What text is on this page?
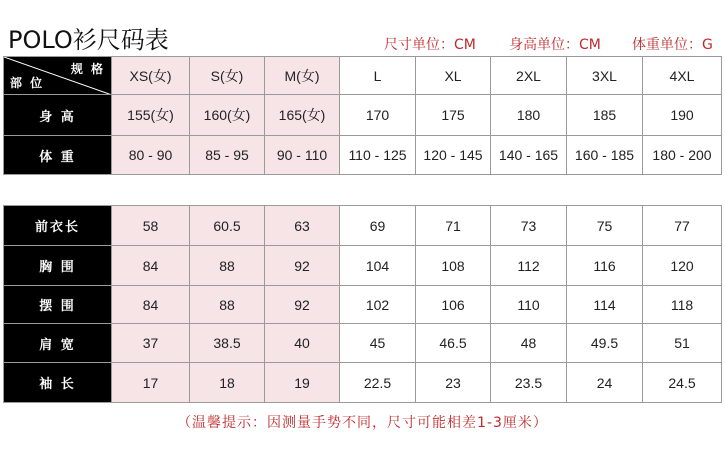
POLO衫尺码表	尺寸单位：CM 身高单位：CM 体重单位：G
规 格
部 位	XS(女)	S(女)	M(女)	L	XL	2XL	3XL	4XL
身 高	155(女)	160(女)	165(女)	170	175	180	185	190
体 重	80 - 90	85 - 95	90 - 110	110 - 125	120 - 145	140 - 165	160 - 185	180 - 200
前衣长	58	60.5	63	69	71	73	75	77
胸 围	84	88	92	104	108	112	116	120
摆 围	84	88	92	102	106	110	114	118
肩 宽	37	38.5	40	45	46.5	48	49.5	51
袖 长	17	18	19	22.5	23	23.5	24	24.5
（温馨提示：因测量手势不同，尺寸可能相差1-3厘米）
